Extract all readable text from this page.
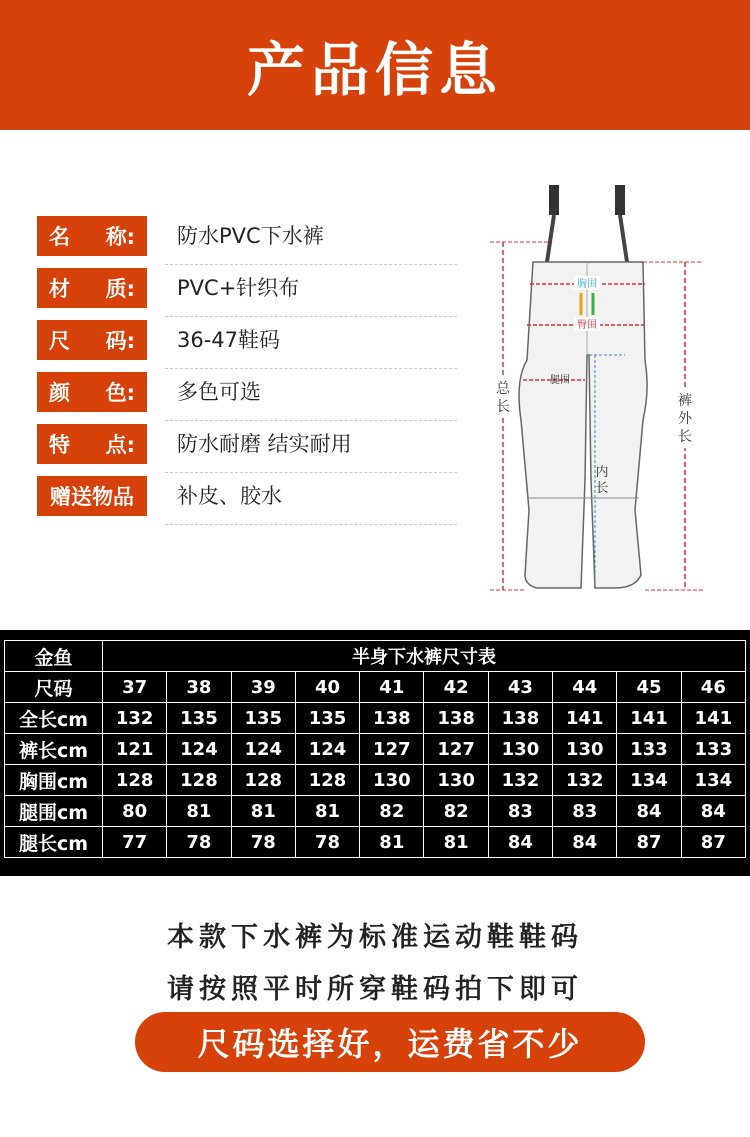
产品信息
名 称: 防水PVC下水裤
材 质: PVC+针织布
尺 码: 36-47鞋码
颜 色: 多色可选
特 点: 防水耐磨 结实耐用
赠送物品	补皮、胶水
胸围
臀围
腿围
内
长
总
长	裤
外
长
金鱼	半身下水裤尺寸表									
尺码	37	38	39	40	41	42	43	44	45	46
全长cm	132	135	135	135	138	138	138	141	141	141
裤长cm	121	124	124	124	127	127	130	130	133	133
胸围cm	128	128	128	128	130	130	132	132	134	134
腿围cm	80	81	81	81	82	82	83	83	84	84
腿长cm	77	78	78	78	81	81	84	84	87	87
本款下水裤为标准运动鞋鞋码
请按照平时所穿鞋码拍下即可
尺码选择好，运费省不少
